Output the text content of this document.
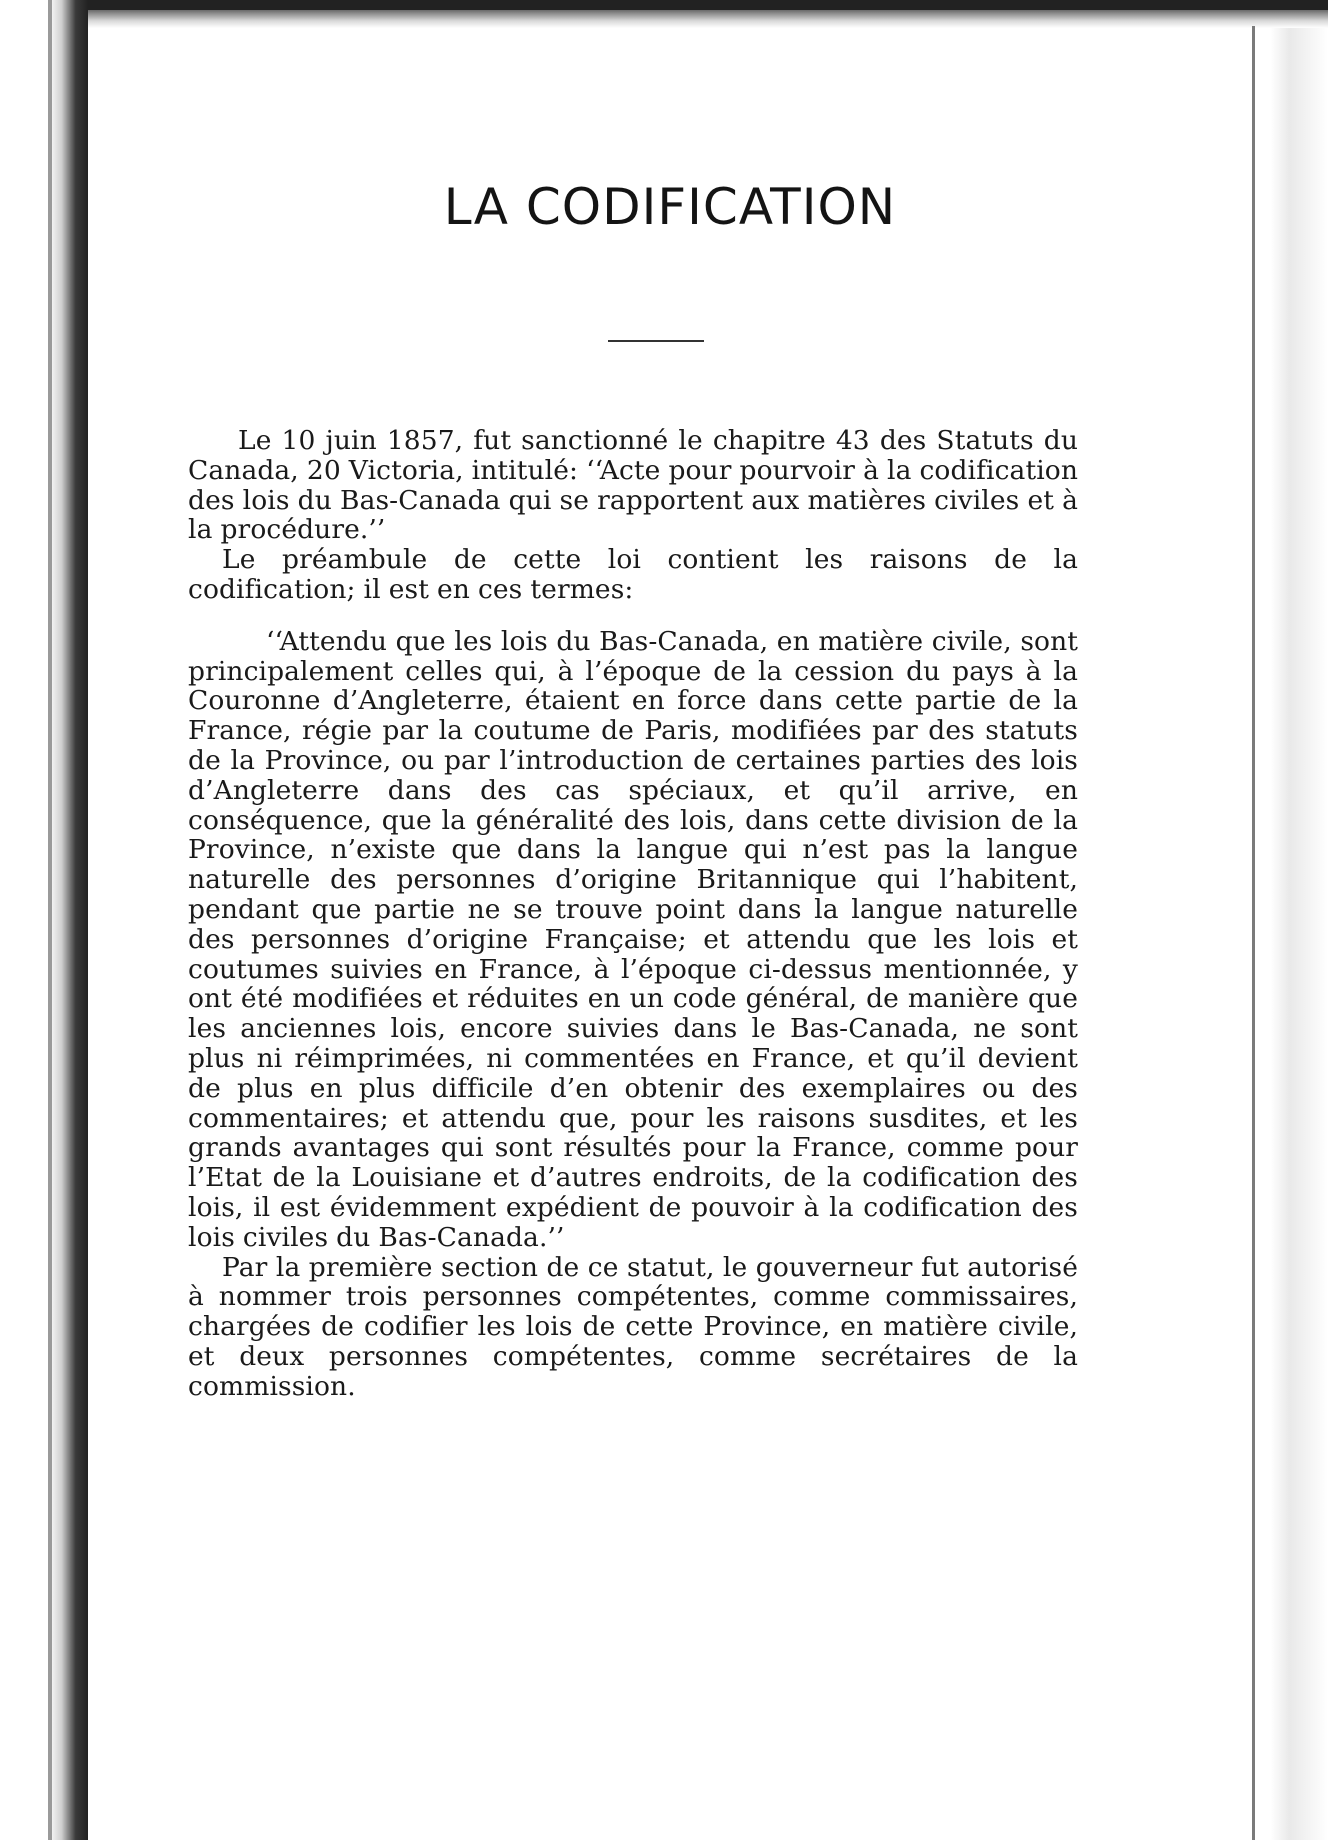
LA CODIFICATION

Le 10 juin 1857, fut sanctionné le chapitre 43 des Statuts du Canada, 20 Victoria, intitulé: ‘‘Acte pour pourvoir à la codification des lois du Bas-Canada qui se rapportent aux matières civiles et à la procédure.’’

Le préambule de cette loi contient les raisons de la codification; il est en ces termes:

‘‘Attendu que les lois du Bas-Canada, en matière civile, sont principalement celles qui, à l’époque de la cession du pays à la Couronne d’Angleterre, étaient en force dans cette partie de la France, régie par la coutume de Paris, modifiées par des statuts de la Province, ou par l’introduction de certaines parties des lois d’Angleterre dans des cas spéciaux, et qu’il arrive, en conséquence, que la généralité des lois, dans cette division de la Province, n’existe que dans la langue qui n’est pas la langue naturelle des personnes d’origine Britannique qui l’habitent, pendant que partie ne se trouve point dans la langue naturelle des personnes d’origine Française; et attendu que les lois et coutumes suivies en France, à l’époque ci-dessus mentionnée, y ont été modifiées et réduites en un code général, de manière que les anciennes lois, encore suivies dans le Bas-Canada, ne sont plus ni réimprimées, ni commentées en France, et qu’il devient de plus en plus difficile d’en obtenir des exemplaires ou des commentaires; et attendu que, pour les raisons susdites, et les grands avantages qui sont résultés pour la France, comme pour l’Etat de la Louisiane et d’autres endroits, de la codification des lois, il est évidemment expédient de pouvoir à la codification des lois civiles du Bas-Canada.’’

Par la première section de ce statut, le gouverneur fut autorisé à nommer trois personnes compétentes, comme commissaires, chargées de codifier les lois de cette Province, en matière civile, et deux personnes compétentes, comme secrétaires de la commission.
